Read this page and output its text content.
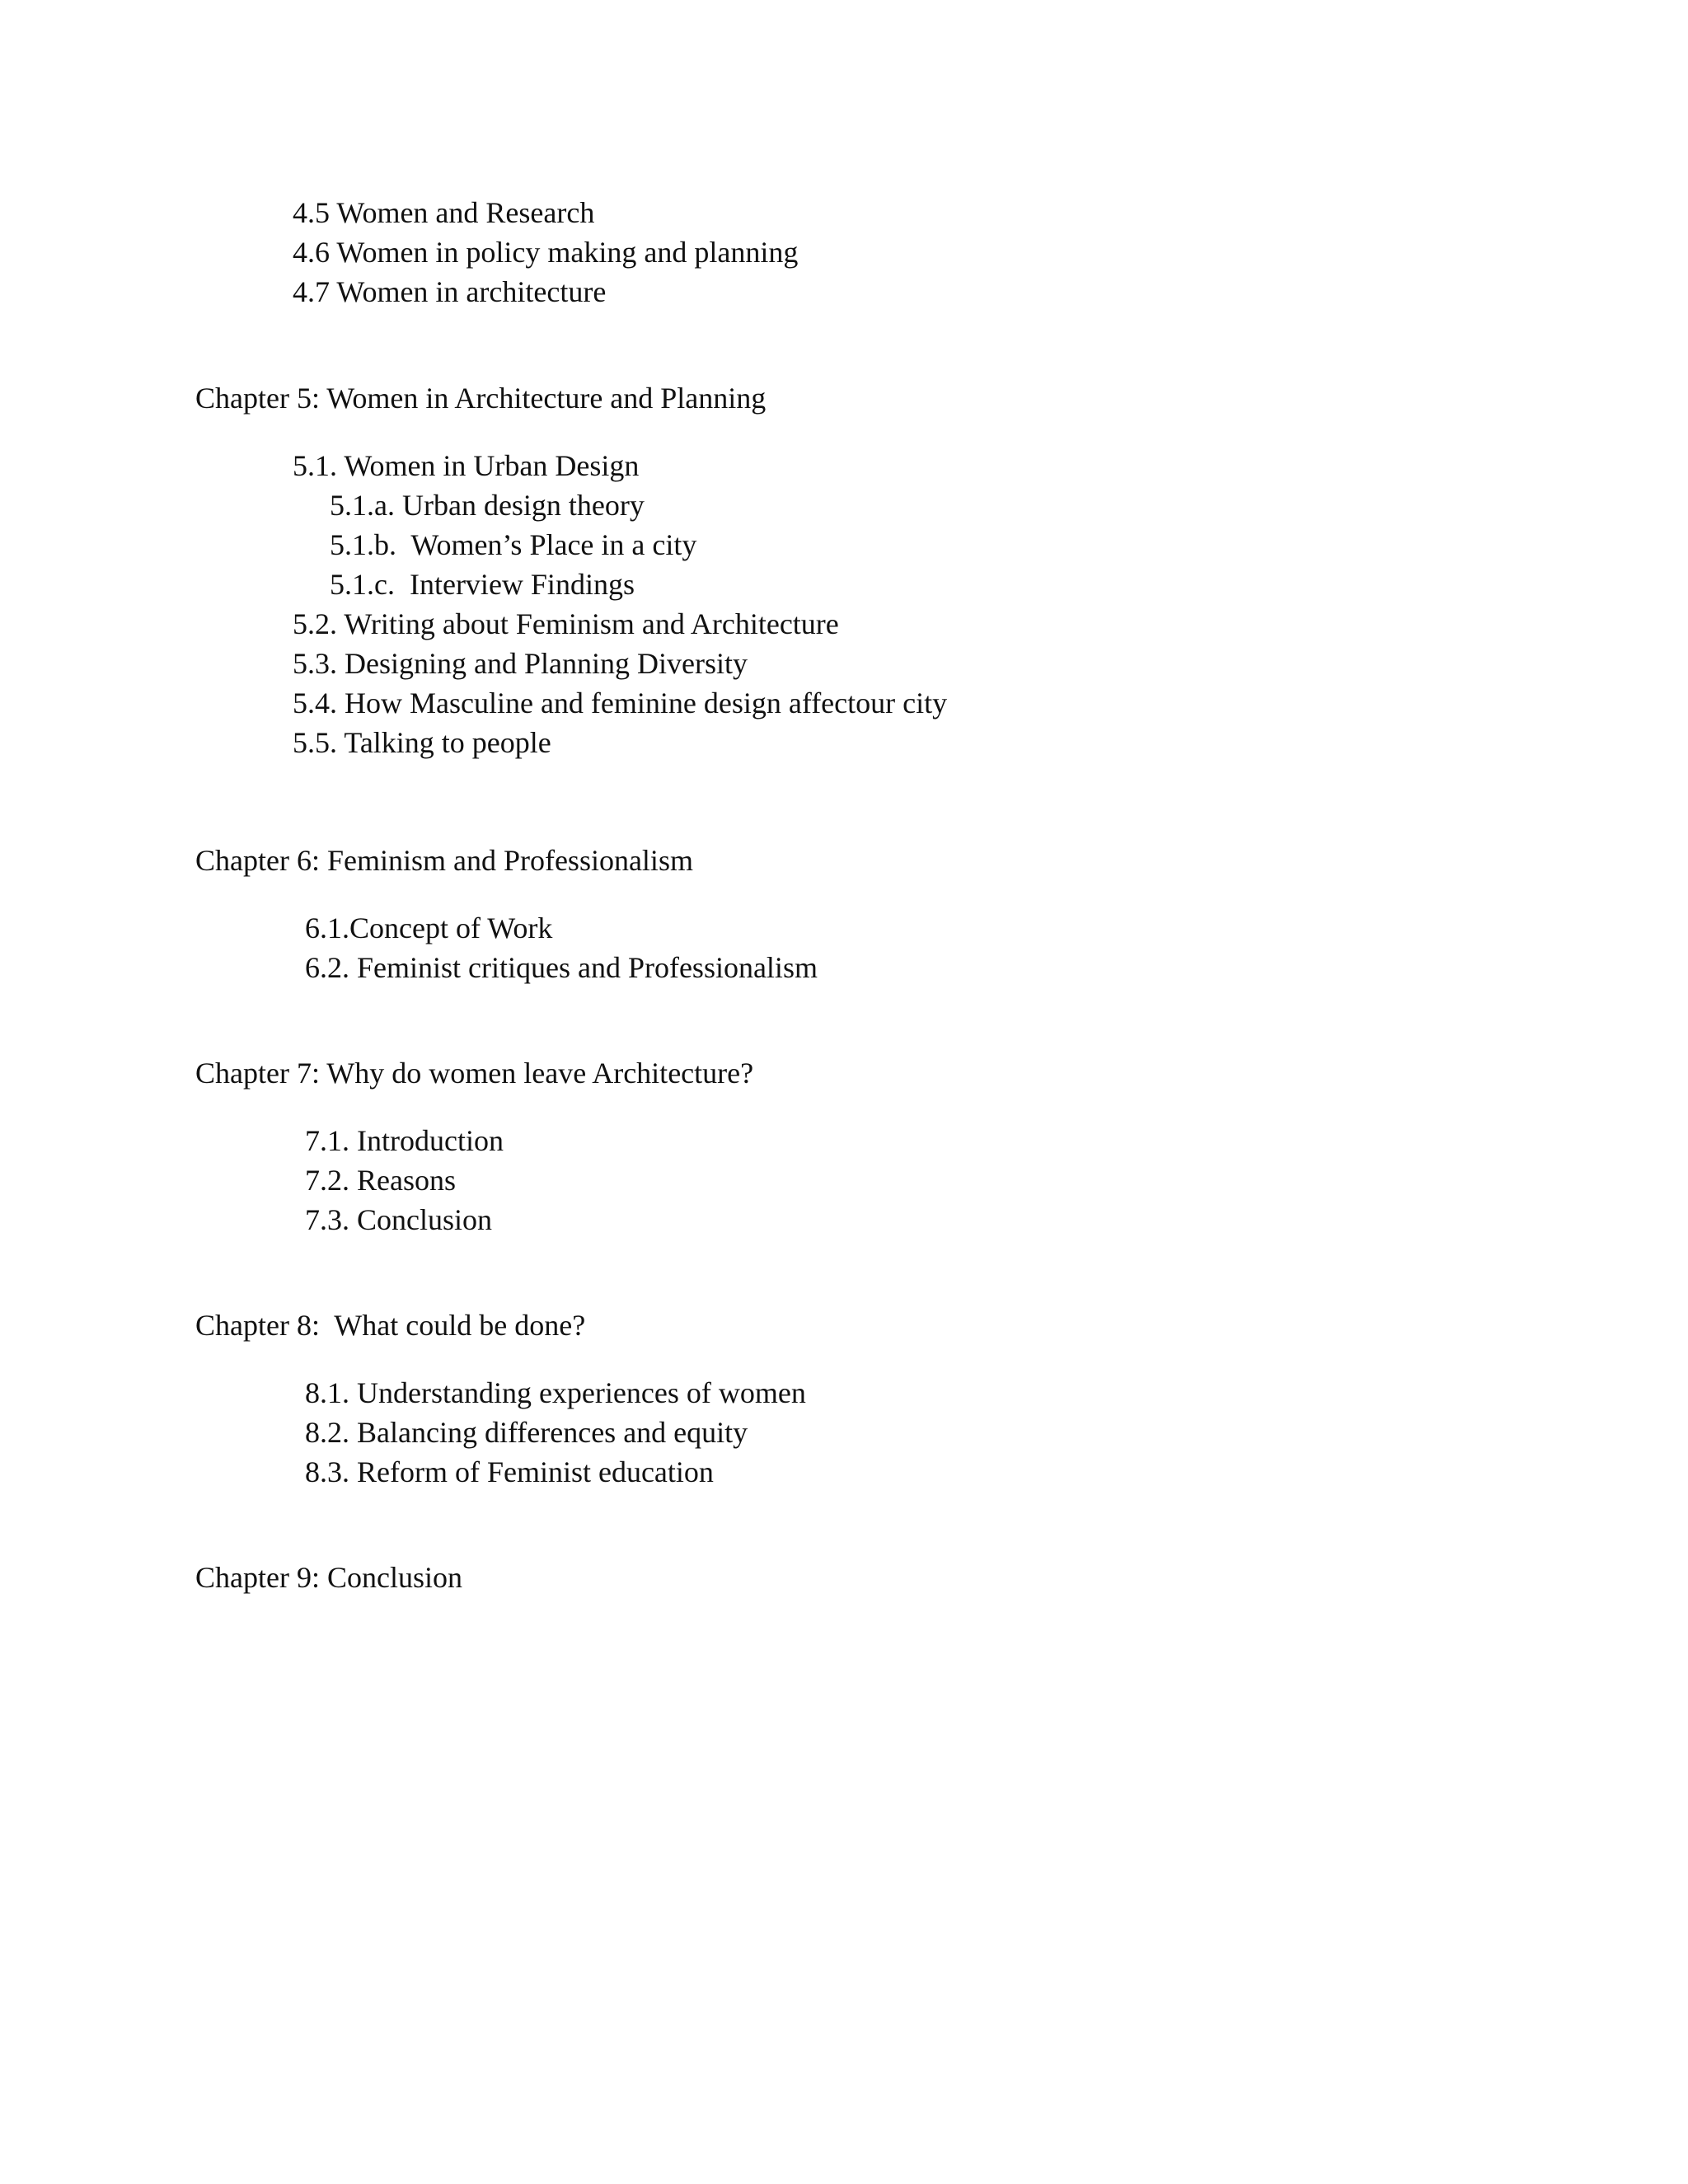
4.5 Women and Research
4.6 Women in policy making and planning
4.7 Women in architecture
Chapter 5: Women in Architecture and Planning
5.1. Women in Urban Design
5.1.a. Urban design theory
5.1.b.  Women’s Place in a city
5.1.c.  Interview Findings
5.2. Writing about Feminism and Architecture
5.3. Designing and Planning Diversity
5.4. How Masculine and feminine design affectour city
5.5. Talking to people
Chapter 6: Feminism and Professionalism
6.1.Concept of Work
6.2. Feminist critiques and Professionalism
Chapter 7: Why do women leave Architecture?
7.1. Introduction
7.2. Reasons
7.3. Conclusion
Chapter 8:  What could be done?
8.1. Understanding experiences of women
8.2. Balancing differences and equity
8.3. Reform of Feminist education
Chapter 9: Conclusion
